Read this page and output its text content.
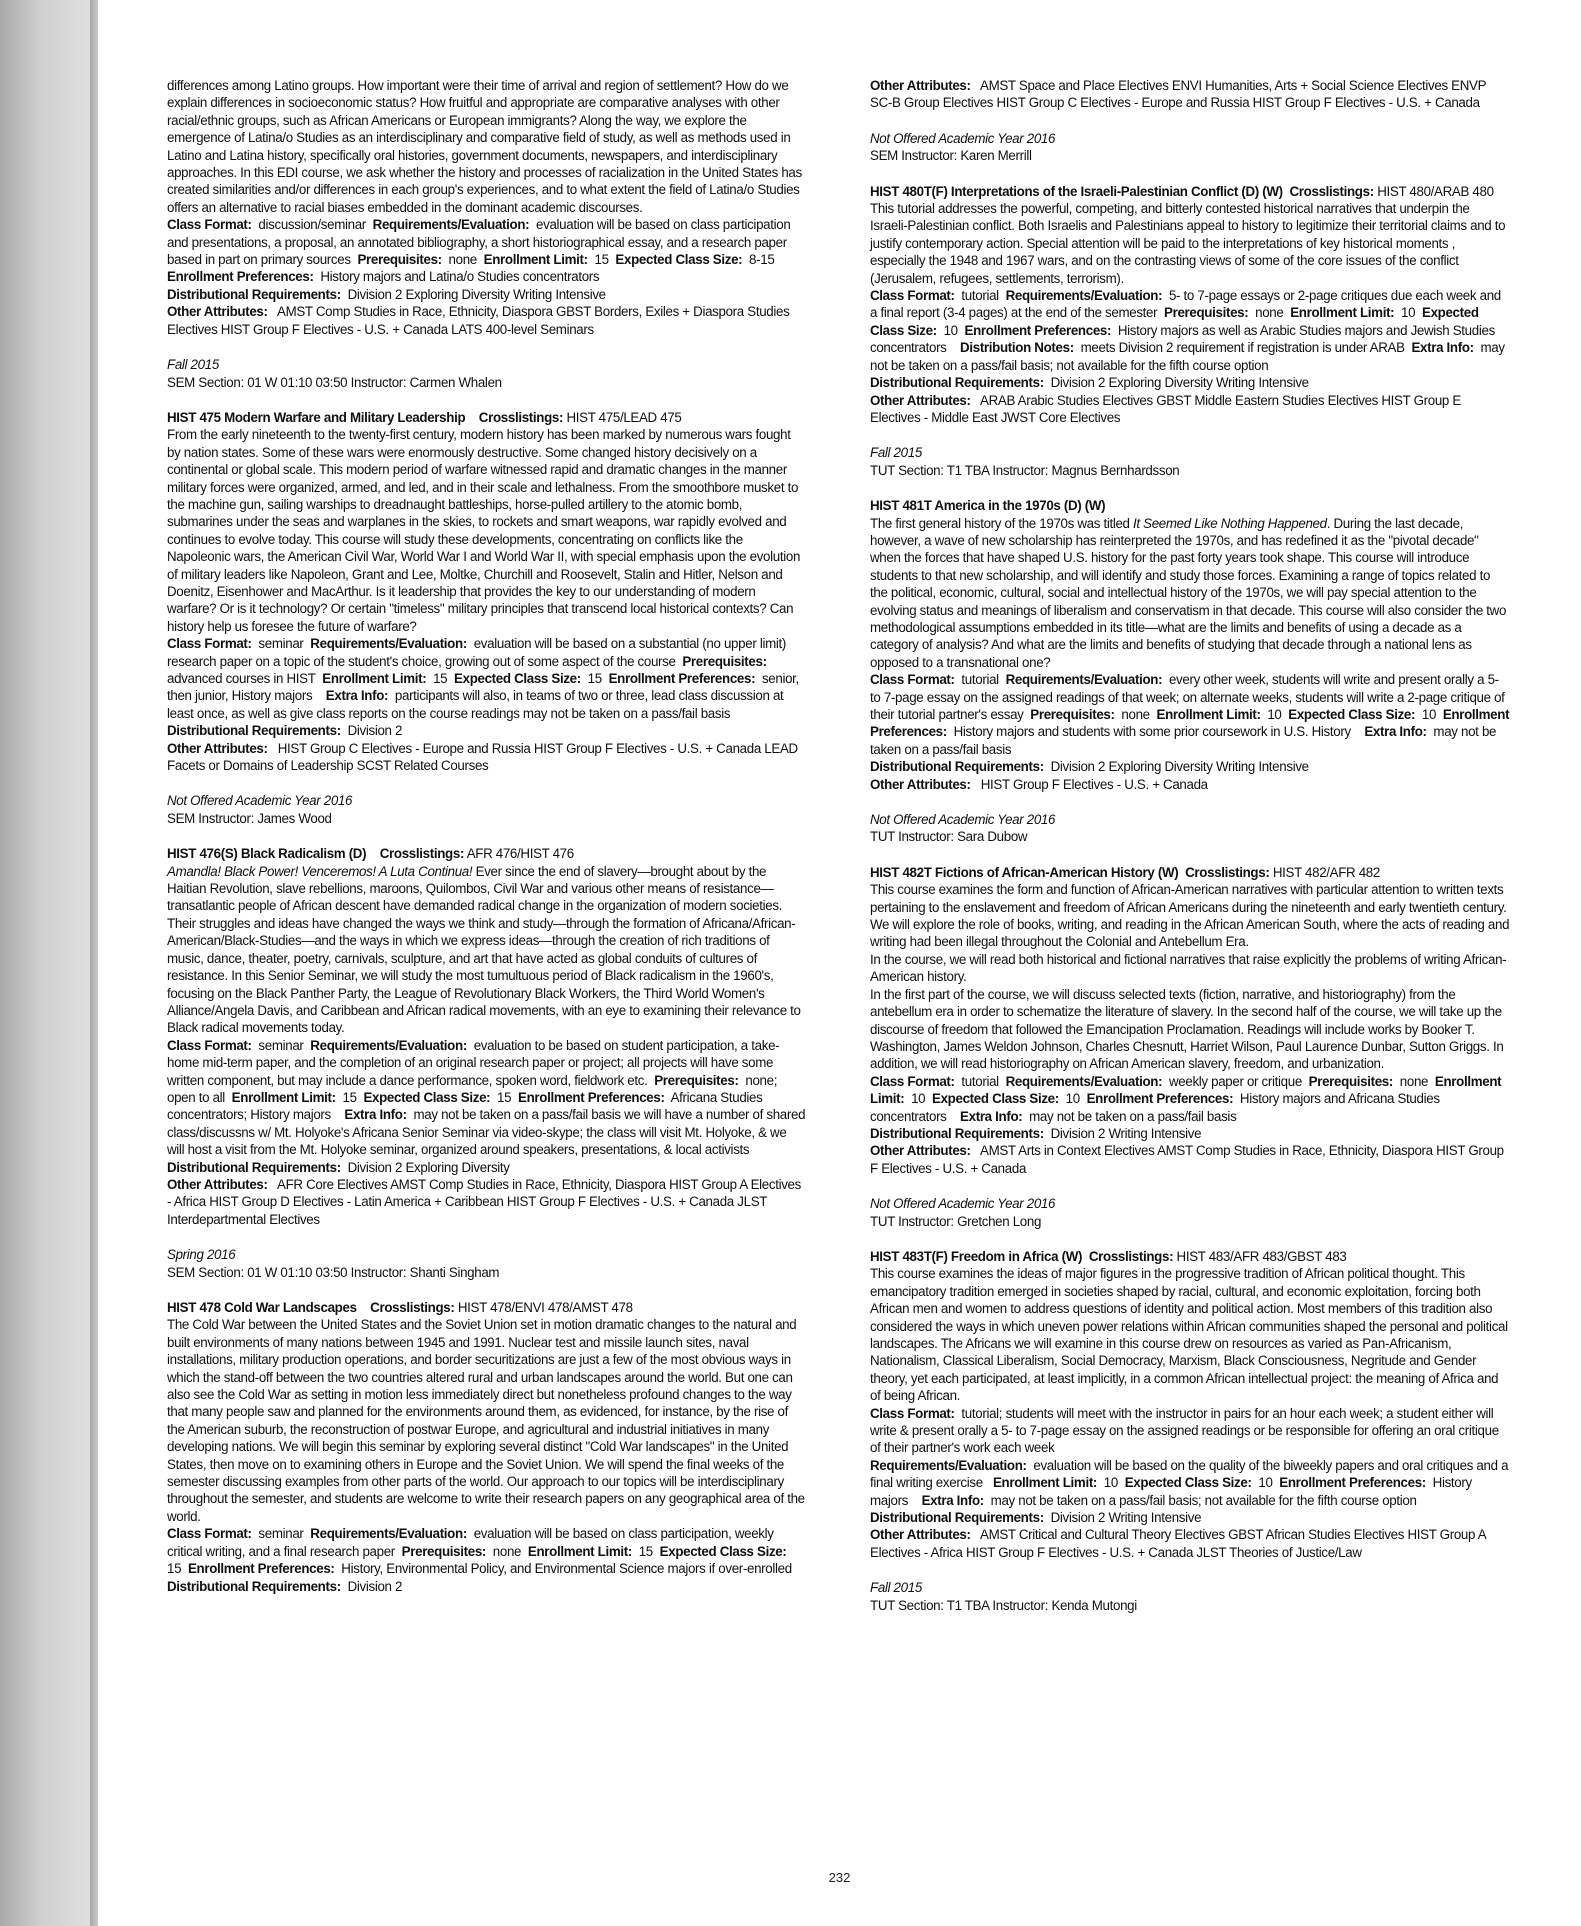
differences among Latino groups. How important were their time of arrival and region of settlement? How do we explain differences in socioeconomic status? How fruitful and appropriate are comparative analyses with other racial/ethnic groups, such as African Americans or European immigrants? Along the way, we explore the emergence of Latina/o Studies as an interdisciplinary and comparative field of study, as well as methods used in Latino and Latina history, specifically oral histories, government documents, newspapers, and interdisciplinary approaches. In this EDI course, we ask whether the history and processes of racialization in the United States has created similarities and/or differences in each group's experiences, and to what extent the field of Latina/o Studies offers an alternative to racial biases embedded in the dominant academic discourses.

Class Format: discussion/seminar Requirements/Evaluation: evaluation will be based on class participation and presentations, a proposal, an annotated bibliography, a short historiographical essay, and a research paper based in part on primary sources Prerequisites: none Enrollment Limit: 15 Expected Class Size: 8-15  Enrollment Preferences: History majors and Latina/o Studies concentrators

Distributional Requirements: Division 2 Exploring Diversity Writing Intensive

Other Attributes: AMST Comp Studies in Race, Ethnicity, Diaspora GBST Borders, Exiles + Diaspora Studies Electives HIST Group F Electives - U.S. + Canada LATS 400-level Seminars

Fall 2015

SEM Section: 01 W 01:10 03:50 Instructor: Carmen Whalen

HIST 475 Modern Warfare and Military Leadership Crosslistings: HIST 475/LEAD 475

From the early nineteenth to the twenty-first century, modern history has been marked by numerous wars fought by nation states. Some of these wars were enormously destructive. Some changed history decisively on a continental or global scale. This modern period of warfare witnessed rapid and dramatic changes in the manner military forces were organized, armed, and led, and in their scale and lethalness. From the smoothbore musket to the machine gun, sailing warships to dreadnaught battleships, horse-pulled artillery to the atomic bomb, submarines under the seas and warplanes in the skies, to rockets and smart weapons, war rapidly evolved and continues to evolve today. This course will study these developments, concentrating on conflicts like the Napoleonic wars, the American Civil War, World War I and World War II, with special emphasis upon the evolution of military leaders like Napoleon, Grant and Lee, Moltke, Churchill and Roosevelt, Stalin and Hitler, Nelson and Doenitz, Eisenhower and MacArthur. Is it leadership that provides the key to our understanding of modern warfare? Or is it technology? Or certain "timeless" military principles that transcend local historical contexts? Can history help us foresee the future of warfare?

Class Format: seminar Requirements/Evaluation: evaluation will be based on a substantial (no upper limit) research paper on a topic of the student's choice, growing out of some aspect of the course Prerequisites:  advanced courses in HIST Enrollment Limit: 15 Expected Class Size: 15 Enrollment Preferences: senior, then junior, History majors Extra Info: participants will also, in teams of two or three, lead class discussion at least once, as well as give class reports on the course readings may not be taken on a pass/fail basis

Distributional Requirements: Division 2

Other Attributes: HIST Group C Electives - Europe and Russia HIST Group F Electives - U.S. + Canada LEAD Facets or Domains of Leadership SCST Related Courses

Not Offered Academic Year 2016

SEM Instructor: James Wood

HIST 476(S) Black Radicalism (D) Crosslistings: AFR 476/HIST 476

Amandla! Black Power! Venceremos! A Luta Continua! Ever since the end of slavery—brought about by the Haitian Revolution, slave rebellions, maroons, Quilombos, Civil War and various other means of resistance—transatlantic people of African descent have demanded radical change in the organization of modern societies. Their struggles and ideas have changed the ways we think and study—through the formation of Africana/African-American/Black-Studies—and the ways in which we express ideas—through the creation of rich traditions of music, dance, theater, poetry, carnivals, sculpture, and art that have acted as global conduits of cultures of resistance. In this Senior Seminar, we will study the most tumultuous period of Black radicalism in the 1960's, focusing on the Black Panther Party, the League of Revolutionary Black Workers, the Third World Women's Alliance/Angela Davis, and Caribbean and African radical movements, with an eye to examining their relevance to Black radical movements today.

Class Format: seminar Requirements/Evaluation: evaluation to be based on student participation, a take-home mid-term paper, and the completion of an original research paper or project; all projects will have some written component, but may include a dance performance, spoken word, fieldwork etc. Prerequisites: none; open to all Enrollment Limit: 15 Expected Class Size: 15 Enrollment Preferences: Africana Studies concentrators; History majors Extra Info: may not be taken on a pass/fail basis we will have a number of shared class/discussns w/ Mt. Holyoke's Africana Senior Seminar via video-skype; the class will visit Mt. Holyoke, & we will host a visit from the Mt. Holyoke seminar, organized around speakers, presentations, & local activists

Distributional Requirements: Division 2 Exploring Diversity

Other Attributes: AFR Core Electives AMST Comp Studies in Race, Ethnicity, Diaspora HIST Group A Electives - Africa HIST Group D Electives - Latin America + Caribbean HIST Group F Electives - U.S. + Canada JLST Interdepartmental Electives

Spring 2016

SEM Section: 01 W 01:10 03:50 Instructor: Shanti Singham

HIST 478 Cold War Landscapes Crosslistings: HIST 478/ENVI 478/AMST 478

The Cold War between the United States and the Soviet Union set in motion dramatic changes to the natural and built environments of many nations between 1945 and 1991. Nuclear test and missile launch sites, naval installations, military production operations, and border securitizations are just a few of the most obvious ways in which the stand-off between the two countries altered rural and urban landscapes around the world. But one can also see the Cold War as setting in motion less immediately direct but nonetheless profound changes to the way that many people saw and planned for the environments around them, as evidenced, for instance, by the rise of the American suburb, the reconstruction of postwar Europe, and agricultural and industrial initiatives in many developing nations. We will begin this seminar by exploring several distinct "Cold War landscapes" in the United States, then move on to examining others in Europe and the Soviet Union. We will spend the final weeks of the semester discussing examples from other parts of the world. Our approach to our topics will be interdisciplinary throughout the semester, and students are welcome to write their research papers on any geographical area of the world.

Class Format: seminar Requirements/Evaluation: evaluation will be based on class participation, weekly critical writing, and a final research paper Prerequisites: none Enrollment Limit: 15 Expected Class Size:  15 Enrollment Preferences: History, Environmental Policy, and Environmental Science majors if over-enrolled

Distributional Requirements: Division 2

Other Attributes: AMST Space and Place Electives ENVI Humanities, Arts + Social Science Electives ENVP SC-B Group Electives HIST Group C Electives - Europe and Russia HIST Group F Electives - U.S. + Canada

Not Offered Academic Year 2016

SEM Instructor: Karen Merrill

HIST 480T(F) Interpretations of the Israeli-Palestinian Conflict (D) (W) Crosslistings: HIST 480/ARAB 480

This tutorial addresses the powerful, competing, and bitterly contested historical narratives that underpin the Israeli-Palestinian conflict. Both Israelis and Palestinians appeal to history to legitimize their territorial claims and to justify contemporary action. Special attention will be paid to the interpretations of key historical moments , especially the 1948 and 1967 wars, and on the contrasting views of some of the core issues of the conflict (Jerusalem, refugees, settlements, terrorism).

Class Format: tutorial Requirements/Evaluation: 5- to 7-page essays or 2-page critiques due each week and a final report (3-4 pages) at the end of the semester Prerequisites: none Enrollment Limit: 10 Expected Class Size: 10 Enrollment Preferences: History majors as well as Arabic Studies majors and Jewish Studies concentrators Distribution Notes: meets Division 2 requirement if registration is under ARAB Extra Info: may not be taken on a pass/fail basis; not available for the fifth course option

Distributional Requirements: Division 2 Exploring Diversity Writing Intensive

Other Attributes: ARAB Arabic Studies Electives GBST Middle Eastern Studies Electives HIST Group E Electives - Middle East JWST Core Electives

Fall 2015

TUT Section: T1 TBA Instructor: Magnus Bernhardsson

HIST 481T America in the 1970s (D) (W)

The first general history of the 1970s was titled It Seemed Like Nothing Happened. During the last decade, however, a wave of new scholarship has reinterpreted the 1970s, and has redefined it as the "pivotal decade" when the forces that have shaped U.S. history for the past forty years took shape. This course will introduce students to that new scholarship, and will identify and study those forces. Examining a range of topics related to the political, economic, cultural, social and intellectual history of the 1970s, we will pay special attention to the evolving status and meanings of liberalism and conservatism in that decade. This course will also consider the two methodological assumptions embedded in its title—what are the limits and benefits of using a decade as a category of analysis? And what are the limits and benefits of studying that decade through a national lens as opposed to a transnational one?

Class Format: tutorial Requirements/Evaluation: every other week, students will write and present orally a 5- to 7-page essay on the assigned readings of that week; on alternate weeks, students will write a 2-page critique of their tutorial partner's essay Prerequisites: none Enrollment Limit: 10 Expected Class Size: 10 Enrollment Preferences: History majors and students with some prior coursework in U.S. History Extra Info: may not be taken on a pass/fail basis

Distributional Requirements: Division 2 Exploring Diversity Writing Intensive

Other Attributes: HIST Group F Electives - U.S. + Canada

Not Offered Academic Year 2016

TUT Instructor: Sara Dubow

HIST 482T Fictions of African-American History (W) Crosslistings: HIST 482/AFR 482

This course examines the form and function of African-American narratives with particular attention to written texts pertaining to the enslavement and freedom of African Americans during the nineteenth and early twentieth century. We will explore the role of books, writing, and reading in the African American South, where the acts of reading and writing had been illegal throughout the Colonial and Antebellum Era.

In the course, we will read both historical and fictional narratives that raise explicitly the problems of writing African-American history.

In the first part of the course, we will discuss selected texts (fiction, narrative, and historiography) from the antebellum era in order to schematize the literature of slavery. In the second half of the course, we will take up the discourse of freedom that followed the Emancipation Proclamation. Readings will include works by Booker T. Washington, James Weldon Johnson, Charles Chesnutt, Harriet Wilson, Paul Laurence Dunbar, Sutton Griggs. In addition, we will read historiography on African American slavery, freedom, and urbanization.

Class Format: tutorial Requirements/Evaluation: weekly paper or critique Prerequisites: none Enrollment Limit: 10 Expected Class Size: 10 Enrollment Preferences: History majors and Africana Studies concentrators Extra Info: may not be taken on a pass/fail basis

Distributional Requirements: Division 2 Writing Intensive

Other Attributes: AMST Arts in Context Electives AMST Comp Studies in Race, Ethnicity, Diaspora HIST Group F Electives - U.S. + Canada

Not Offered Academic Year 2016

TUT Instructor: Gretchen Long

HIST 483T(F) Freedom in Africa (W) Crosslistings: HIST 483/AFR 483/GBST 483

This course examines the ideas of major figures in the progressive tradition of African political thought. This emancipatory tradition emerged in societies shaped by racial, cultural, and economic exploitation, forcing both African men and women to address questions of identity and political action. Most members of this tradition also considered the ways in which uneven power relations within African communities shaped the personal and political landscapes. The Africans we will examine in this course drew on resources as varied as Pan-Africanism, Nationalism, Classical Liberalism, Social Democracy, Marxism, Black Consciousness, Negritude and Gender theory, yet each participated, at least implicitly, in a common African intellectual project: the meaning of Africa and of being African.

Class Format: tutorial; students will meet with the instructor in pairs for an hour each week; a student either will write & present orally a 5- to 7-page essay on the assigned readings or be responsible for offering an oral critique of their partner's work each week

Requirements/Evaluation: evaluation will be based on the quality of the biweekly papers and oral critiques and a final writing exercise Enrollment Limit: 10 Expected Class Size: 10 Enrollment Preferences: History majors Extra Info: may not be taken on a pass/fail basis; not available for the fifth course option

Distributional Requirements: Division 2 Writing Intensive

Other Attributes: AMST Critical and Cultural Theory Electives GBST African Studies Electives HIST Group A Electives - Africa HIST Group F Electives - U.S. + Canada JLST Theories of Justice/Law

Fall 2015

TUT Section: T1 TBA Instructor: Kenda Mutongi

232
